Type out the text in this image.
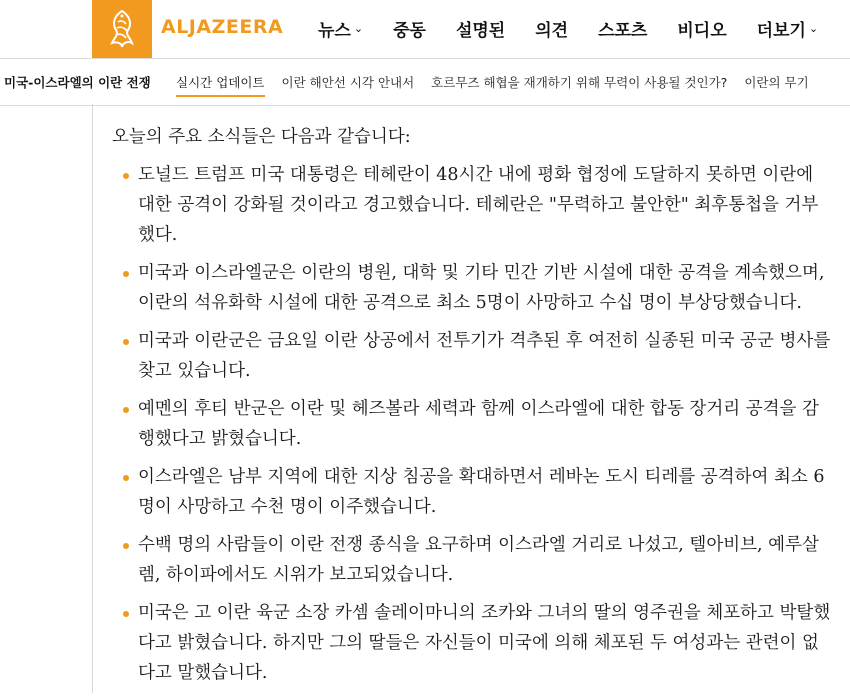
ALJAZEERA 뉴스 ⌄ 중동 설명된 의견 스포츠 비디오 더보기 ⌄
미국-이스라엘의 이란 전쟁 실시간 업데이트 이란 해안선 시각 안내서 호르무즈 해협을 재개하기 위해 무력이 사용될 것인가? 이란의 무기

오늘의 주요 소식들은 다음과 같습니다:

도널드 트럼프 미국 대통령은 테헤란이 48시간 내에 평화 협정에 도달하지 못하면 이란에 대한 공격이 강화될 것이라고 경고했습니다. 테헤란은 "무력하고 불안한" 최후통첩을 거부했다.
미국과 이스라엘군은 이란의 병원, 대학 및 기타 민간 기반 시설에 대한 공격을 계속했으며, 이란의 석유화학 시설에 대한 공격으로 최소 5명이 사망하고 수십 명이 부상당했습니다.
미국과 이란군은 금요일 이란 상공에서 전투기가 격추된 후 여전히 실종된 미국 공군 병사를 찾고 있습니다.
예멘의 후티 반군은 이란 및 헤즈볼라 세력과 함께 이스라엘에 대한 합동 장거리 공격을 감행했다고 밝혔습니다.
이스라엘은 남부 지역에 대한 지상 침공을 확대하면서 레바논 도시 티레를 공격하여 최소 6명이 사망하고 수천 명이 이주했습니다.
수백 명의 사람들이 이란 전쟁 종식을 요구하며 이스라엘 거리로 나섰고, 텔아비브, 예루살렘, 하이파에서도 시위가 보고되었습니다.
미국은 고 이란 육군 소장 카셈 솔레이마니의 조카와 그녀의 딸의 영주권을 체포하고 박탈했다고 밝혔습니다. 하지만 그의 딸들은 자신들이 미국에 의해 체포된 두 여성과는 관련이 없다고 말했습니다.
